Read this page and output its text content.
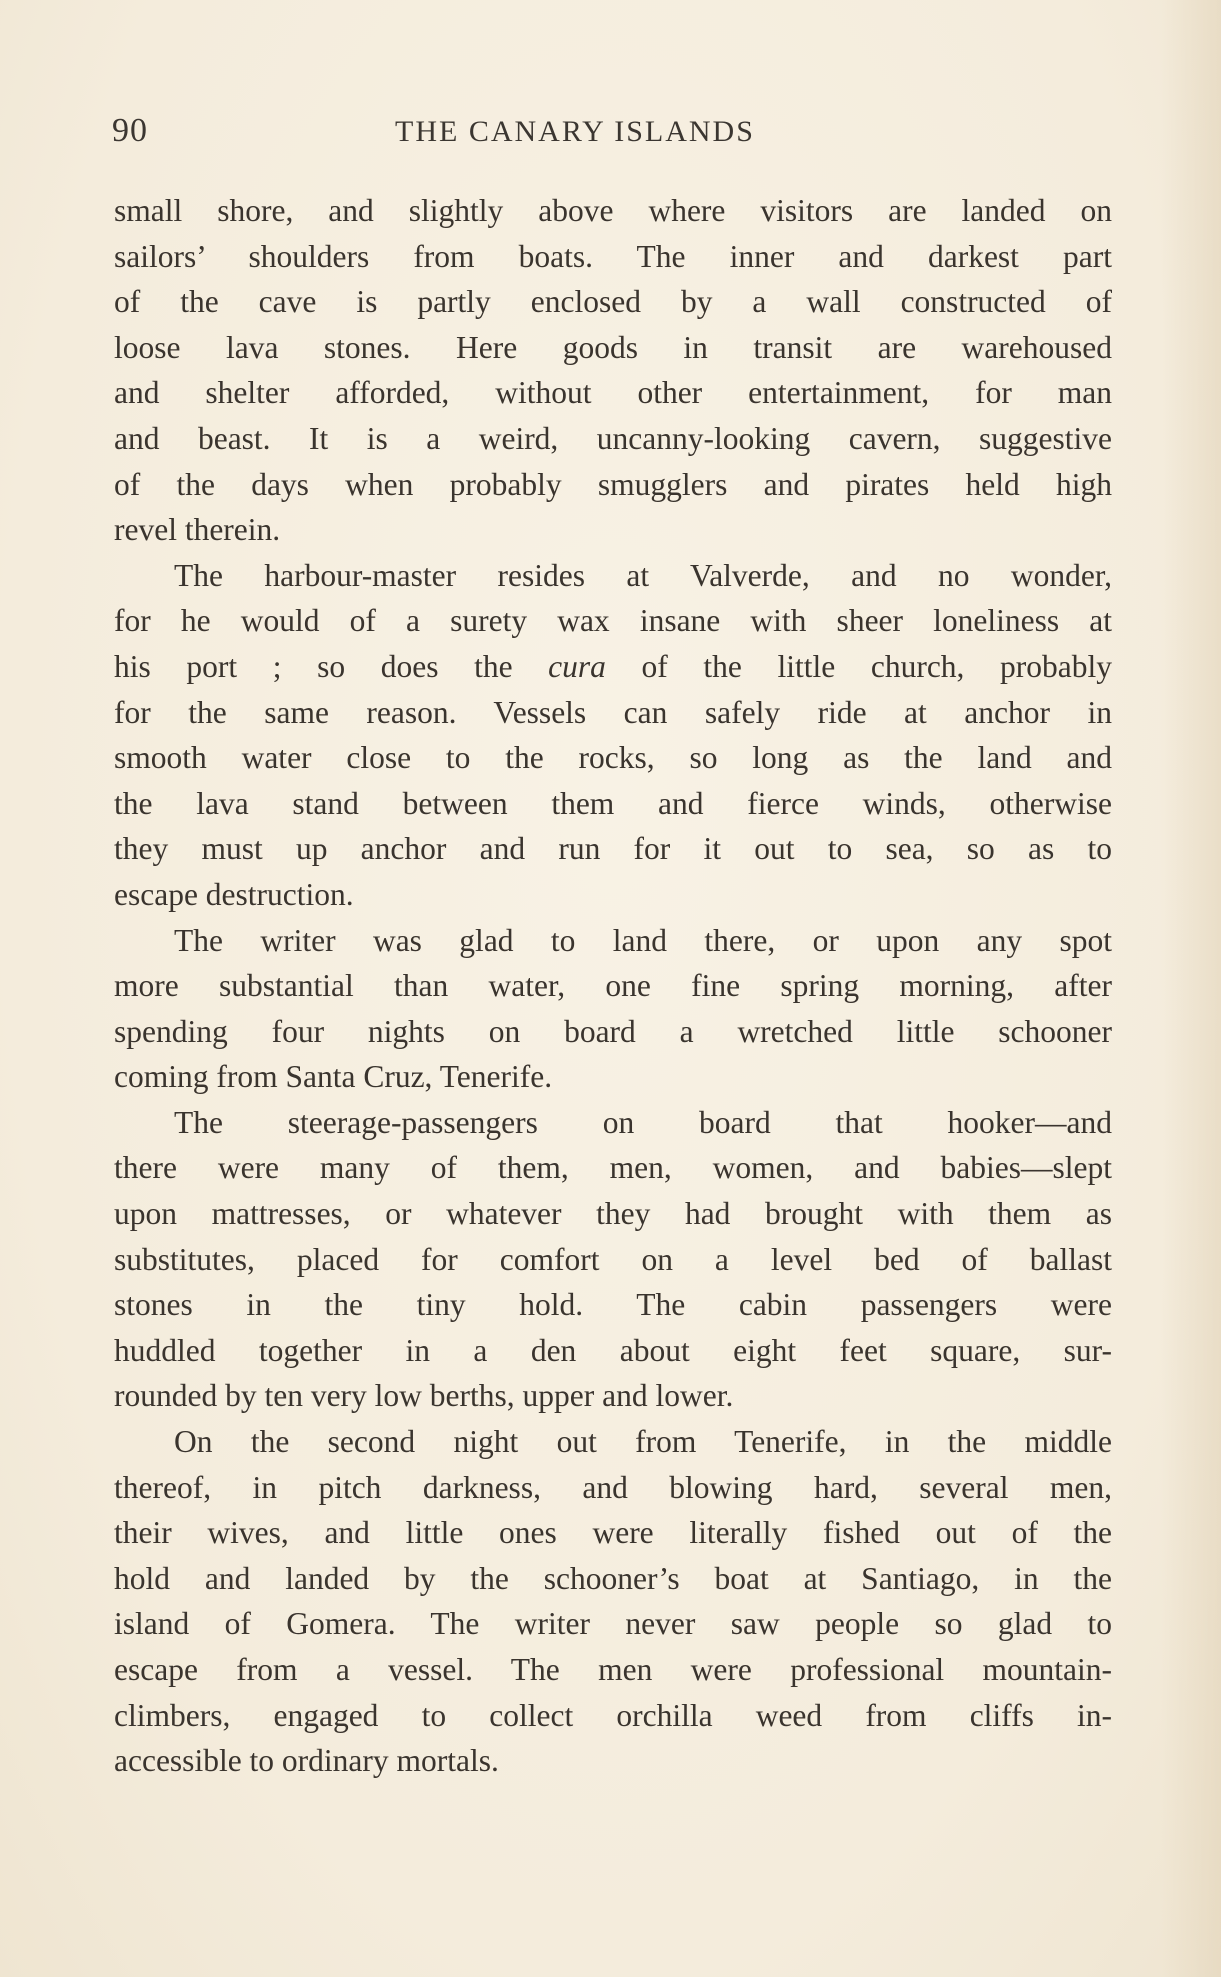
90	THE CANARY ISLANDS
small shore, and slightly above where visitors are landed on
sailors’ shoulders from boats. The inner and darkest part
of the cave is partly enclosed by a wall constructed of
loose lava stones. Here goods in transit are warehoused
and shelter afforded, without other entertainment, for man
and beast. It is a weird, uncanny-looking cavern, suggestive
of the days when probably smugglers and pirates held high
revel therein.
The harbour-master resides at Valverde, and no wonder,
for he would of a surety wax insane with sheer loneliness at
his port ; so does the cura of the little church, probably
for the same reason. Vessels can safely ride at anchor in
smooth water close to the rocks, so long as the land and
the lava stand between them and fierce winds, otherwise
they must up anchor and run for it out to sea, so as to
escape destruction.
The writer was glad to land there, or upon any spot
more substantial than water, one fine spring morning, after
spending four nights on board a wretched little schooner
coming from Santa Cruz, Tenerife.
The steerage-passengers on board that hooker—and
there were many of them, men, women, and babies—slept
upon mattresses, or whatever they had brought with them as
substitutes, placed for comfort on a level bed of ballast
stones in the tiny hold. The cabin passengers were
huddled together in a den about eight feet square, sur-
rounded by ten very low berths, upper and lower.
On the second night out from Tenerife, in the middle
thereof, in pitch darkness, and blowing hard, several men,
their wives, and little ones were literally fished out of the
hold and landed by the schooner’s boat at Santiago, in the
island of Gomera. The writer never saw people so glad to
escape from a vessel. The men were professional mountain-
climbers, engaged to collect orchilla weed from cliffs in-
accessible to ordinary mortals.
